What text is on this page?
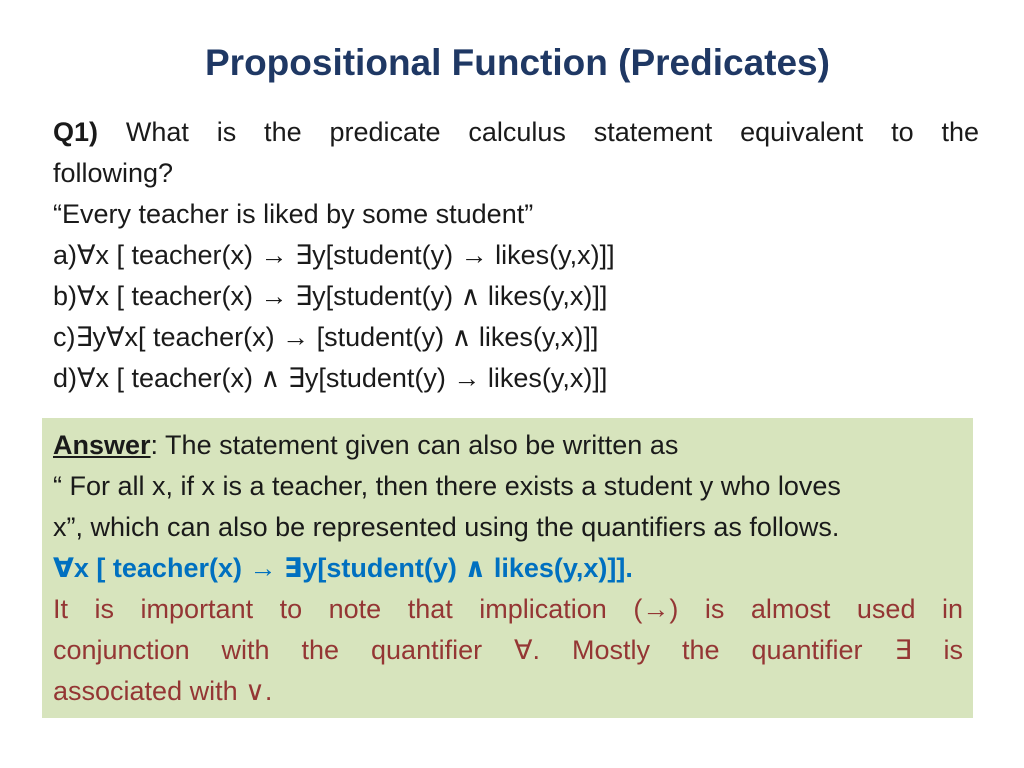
Propositional Function (Predicates)
Q1) What is the predicate calculus statement equivalent to the
following?
“Every teacher is liked by some student”
a)∀x [ teacher(x) → ∃y[student(y) → likes(y,x)]]
b)∀x [ teacher(x) → ∃y[student(y) ∧ likes(y,x)]]
c)∃y∀x[ teacher(x) → [student(y) ∧ likes(y,x)]]
d)∀x [ teacher(x) ∧ ∃y[student(y) → likes(y,x)]]
Answer: The statement given can also be written as
“ For all x, if x is a teacher, then there exists a student y who loves
x”, which can also be represented using the quantifiers as follows.
∀x [ teacher(x) → ∃y[student(y) ∧ likes(y,x)]].
It is important to note that implication (→) is almost used in
conjunction with the quantifier ∀. Mostly the quantifier ∃ is
associated with ∨.
